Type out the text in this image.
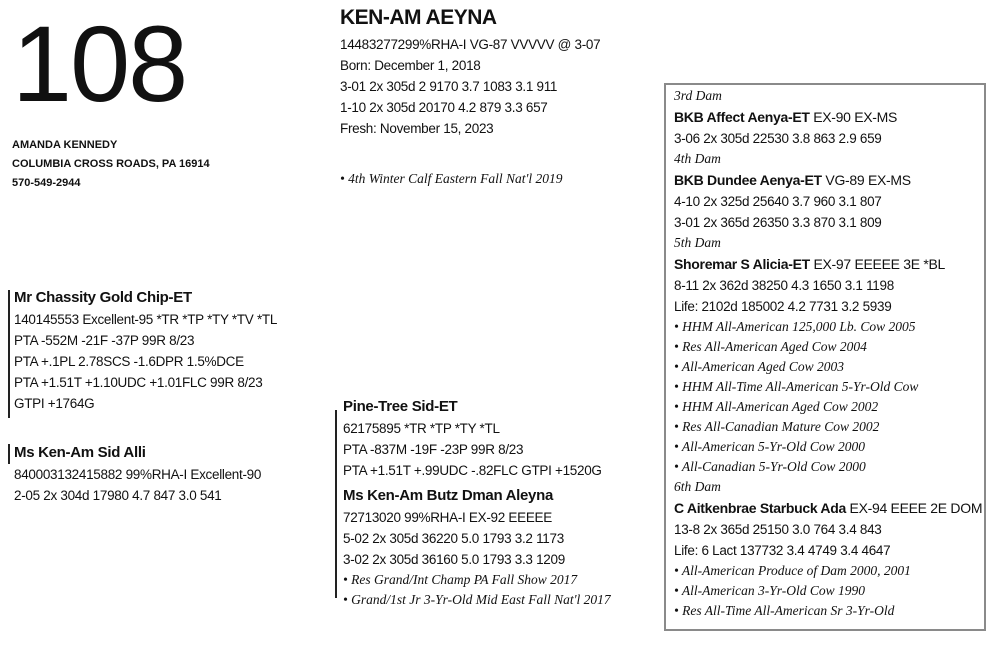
108
AMANDA KENNEDY
COLUMBIA CROSS ROADS, PA 16914
570-549-2944
KEN-AM AEYNA
14483277299%RHA-I VG-87 VVVVV @ 3-07
Born: December 1, 2018
3-01 2x 305d 2 9170 3.7 1083 3.1 911
1-10 2x 305d 20170 4.2 879 3.3 657
Fresh: November 15, 2023
• 4th Winter Calf Eastern Fall Nat'l 2019
Mr Chassity Gold Chip-ET
140145553 Excellent-95 *TR *TP *TY *TV *TL
PTA -552M -21F -37P 99R 8/23
PTA +.1PL 2.78SCS -1.6DPR 1.5%DCE
PTA +1.51T +1.10UDC +1.01FLC 99R 8/23
GTPI +1764G
Ms Ken-Am Sid Alli
840003132415882 99%RHA-I Excellent-90
2-05 2x 304d 17980 4.7 847 3.0 541
Pine-Tree Sid-ET
62175895 *TR *TP *TY *TL
PTA -837M -19F -23P 99R 8/23
PTA +1.51T +.99UDC -.82FLC GTPI +1520G
Ms Ken-Am Butz Dman Aleyna
72713020 99%RHA-I EX-92 EEEEE
5-02 2x 305d 36220 5.0 1793 3.2 1173
3-02 2x 305d 36160 5.0 1793 3.3 1209
• Res Grand/Int Champ PA Fall Show 2017
• Grand/1st Jr 3-Yr-Old Mid East Fall Nat'l 2017
3rd Dam
BKB Affect Aenya-ET EX-90 EX-MS
3-06 2x 305d 22530 3.8 863 2.9 659
4th Dam
BKB Dundee Aenya-ET VG-89 EX-MS
4-10 2x 325d 25640 3.7 960 3.1 807
3-01 2x 365d 26350 3.3 870 3.1 809
5th Dam
Shoremar S Alicia-ET EX-97 EEEEE 3E *BL
8-11 2x 362d 38250 4.3 1650 3.1 1198
Life: 2102d 185002 4.2 7731 3.2 5939
• HHM All-American 125,000 Lb. Cow 2005
• Res All-American Aged Cow 2004
• All-American Aged Cow 2003
• HHM All-Time All-American 5-Yr-Old Cow
• HHM All-American Aged Cow 2002
• Res All-Canadian Mature Cow 2002
• All-American 5-Yr-Old Cow 2000
• All-Canadian 5-Yr-Old Cow 2000
6th Dam
C Aitkenbrae Starbuck Ada EX-94 EEEE 2E DOM
13-8 2x 365d 25150 3.0 764 3.4 843
Life: 6 Lact 137732 3.4 4749 3.4 4647
• All-American Produce of Dam 2000, 2001
• All-American 3-Yr-Old Cow 1990
• Res All-Time All-American Sr 3-Yr-Old
